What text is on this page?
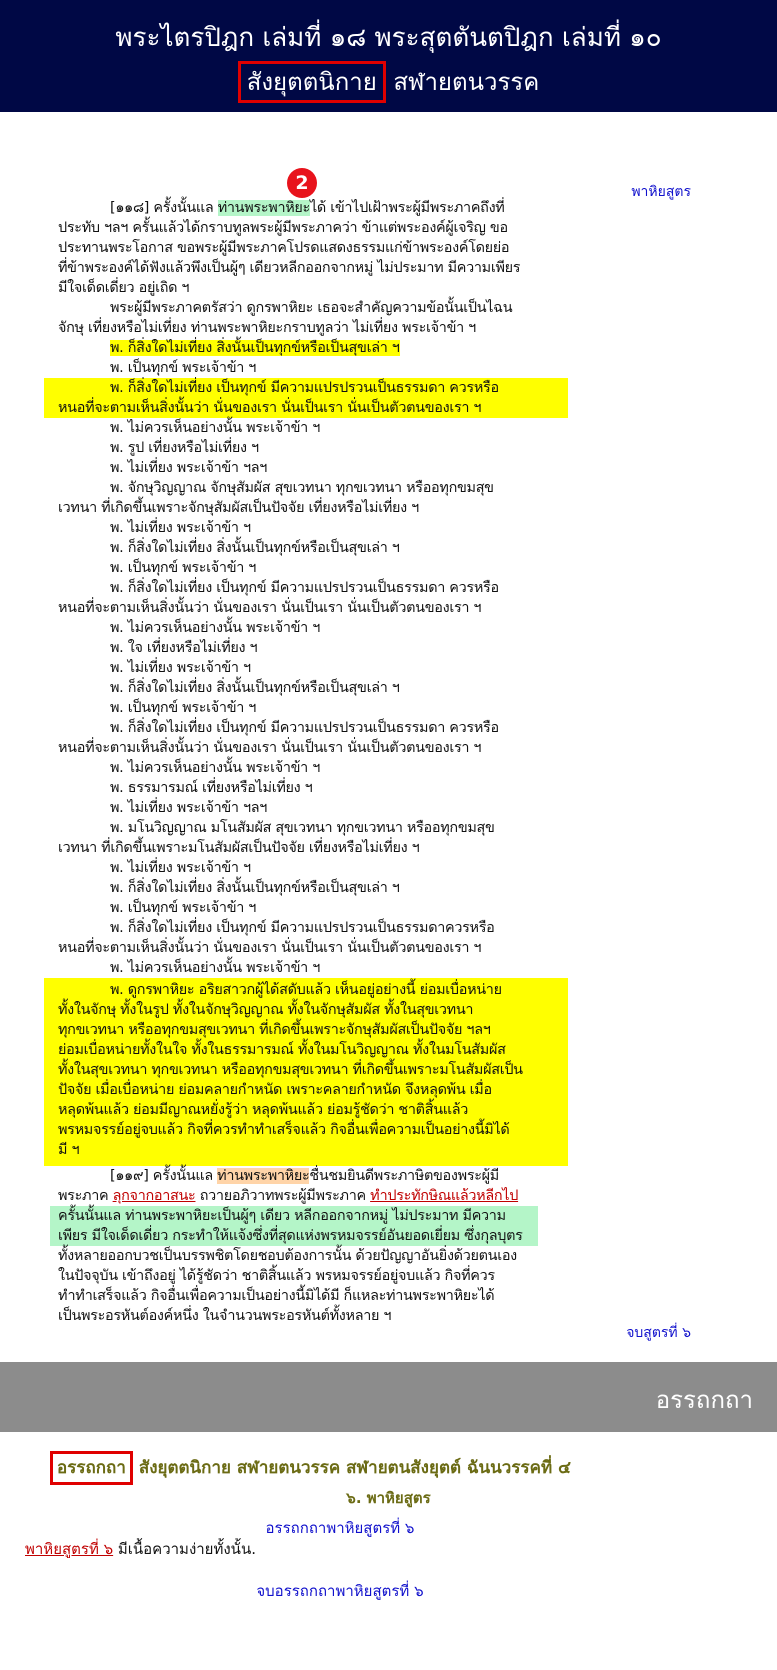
พระไตรปิฎก เล่มที่ ๑๘ พระสุตตันตปิฎก เล่มที่ ๑๐
สังยุตตนิกาย สฬายตนวรรค
2	พาหิยสูตร

[๑๑๘] ครั้งนั้นแล ท่านพระพาหิยะได้ เข้าไปเฝ้าพระผู้มีพระภาคถึงที่

ประทับ ฯลฯ ครั้นแล้วได้กราบทูลพระผู้มีพระภาคว่า ข้าแต่พระองค์ผู้เจริญ ขอ

ประทานพระโอกาส ขอพระผู้มีพระภาคโปรดแสดงธรรมแก่ข้าพระองค์โดยย่อ

ที่ข้าพระองค์ได้ฟังแล้วพึงเป็นผู้ๆ เดียวหลีกออกจากหมู่ ไม่ประมาท มีความเพียร

มีใจเด็ดเดี่ยว อยู่เถิด ฯ

พระผู้มีพระภาคตรัสว่า ดูกรพาหิยะ เธอจะสำคัญความข้อนั้นเป็นไฉน

จักษุ เที่ยงหรือไม่เที่ยง ท่านพระพาหิยะกราบทูลว่า ไม่เที่ยง พระเจ้าข้า ฯ

พ. ก็สิ่งใดไม่เที่ยง สิ่งนั้นเป็นทุกข์หรือเป็นสุขเล่า ฯ

พ. เป็นทุกข์ พระเจ้าข้า ฯ

พ. ก็สิ่งใดไม่เที่ยง เป็นทุกข์ มีความแปรปรวนเป็นธรรมดา ควรหรือ

หนอที่จะตามเห็นสิ่งนั้นว่า นั่นของเรา นั่นเป็นเรา นั่นเป็นตัวตนของเรา ฯ

พ. ไม่ควรเห็นอย่างนั้น พระเจ้าข้า ฯ

พ. รูป เที่ยงหรือไม่เที่ยง ฯ

พ. ไม่เที่ยง พระเจ้าข้า ฯลฯ

พ. จักษุวิญญาณ จักษุสัมผัส สุขเวทนา ทุกขเวทนา หรืออทุกขมสุข

เวทนา ที่เกิดขึ้นเพราะจักษุสัมผัสเป็นปัจจัย เที่ยงหรือไม่เที่ยง ฯ

พ. ไม่เที่ยง พระเจ้าข้า ฯ

พ. ก็สิ่งใดไม่เที่ยง สิ่งนั้นเป็นทุกข์หรือเป็นสุขเล่า ฯ

พ. เป็นทุกข์ พระเจ้าข้า ฯ

พ. ก็สิ่งใดไม่เที่ยง เป็นทุกข์ มีความแปรปรวนเป็นธรรมดา ควรหรือ

หนอที่จะตามเห็นสิ่งนั้นว่า นั่นของเรา นั่นเป็นเรา นั่นเป็นตัวตนของเรา ฯ

พ. ไม่ควรเห็นอย่างนั้น พระเจ้าข้า ฯ

พ. ใจ เที่ยงหรือไม่เที่ยง ฯ

พ. ไม่เที่ยง พระเจ้าข้า ฯ

พ. ก็สิ่งใดไม่เที่ยง สิ่งนั้นเป็นทุกข์หรือเป็นสุขเล่า ฯ

พ. เป็นทุกข์ พระเจ้าข้า ฯ

พ. ก็สิ่งใดไม่เที่ยง เป็นทุกข์ มีความแปรปรวนเป็นธรรมดา ควรหรือ

หนอที่จะตามเห็นสิ่งนั้นว่า นั่นของเรา นั่นเป็นเรา นั่นเป็นตัวตนของเรา ฯ

พ. ไม่ควรเห็นอย่างนั้น พระเจ้าข้า ฯ

พ. ธรรมารมณ์ เที่ยงหรือไม่เที่ยง ฯ

พ. ไม่เที่ยง พระเจ้าข้า ฯลฯ

พ. มโนวิญญาณ มโนสัมผัส สุขเวทนา ทุกขเวทนา หรืออทุกขมสุข

เวทนา ที่เกิดขึ้นเพราะมโนสัมผัสเป็นปัจจัย เที่ยงหรือไม่เที่ยง ฯ

พ. ไม่เที่ยง พระเจ้าข้า ฯ

พ. ก็สิ่งใดไม่เที่ยง สิ่งนั้นเป็นทุกข์หรือเป็นสุขเล่า ฯ

พ. เป็นทุกข์ พระเจ้าข้า ฯ

พ. ก็สิ่งใดไม่เที่ยง เป็นทุกข์ มีความแปรปรวนเป็นธรรมดาควรหรือ

หนอที่จะตามเห็นสิ่งนั้นว่า นั่นของเรา นั่นเป็นเรา นั่นเป็นตัวตนของเรา ฯ

พ. ไม่ควรเห็นอย่างนั้น พระเจ้าข้า ฯ

พ. ดูกรพาหิยะ อริยสาวกผู้ได้สดับแล้ว เห็นอยู่อย่างนี้ ย่อมเบื่อหน่าย

ทั้งในจักษุ ทั้งในรูป ทั้งในจักษุวิญญาณ ทั้งในจักษุสัมผัส ทั้งในสุขเวทนา

ทุกขเวทนา หรืออทุกขมสุขเวทนา ที่เกิดขึ้นเพราะจักษุสัมผัสเป็นปัจจัย ฯลฯ

ย่อมเบื่อหน่ายทั้งในใจ ทั้งในธรรมารมณ์ ทั้งในมโนวิญญาณ ทั้งในมโนสัมผัส

ทั้งในสุขเวทนา ทุกขเวทนา หรืออทุกขมสุขเวทนา ที่เกิดขึ้นเพราะมโนสัมผัสเป็น

ปัจจัย เมื่อเบื่อหน่าย ย่อมคลายกำหนัด เพราะคลายกำหนัด จึงหลุดพ้น เมื่อ

หลุดพ้นแล้ว ย่อมมีญาณหยั่งรู้ว่า หลุดพ้นแล้ว ย่อมรู้ชัดว่า ชาติสิ้นแล้ว

พรหมจรรย์อยู่จบแล้ว กิจที่ควรทำทำเสร็จแล้ว กิจอื่นเพื่อความเป็นอย่างนี้มิได้

มี ฯ

[๑๑๙] ครั้งนั้นแล ท่านพระพาหิยะชื่นชมยินดีพระภาษิตของพระผู้มี

พระภาค ลุกจากอาสนะ ถวายอภิวาทพระผู้มีพระภาค ทำประทักษิณแล้วหลีกไป

ครั้นนั้นแล ท่านพระพาหิยะเป็นผู้ๆ เดียว หลีกออกจากหมู่ ไม่ประมาท มีความ

เพียร มีใจเด็ดเดี่ยว กระทำให้แจ้งซึ่งที่สุดแห่งพรหมจรรย์อันยอดเยี่ยม ซึ่งกุลบุตร

ทั้งหลายออกบวชเป็นบรรพชิตโดยชอบต้องการนั้น ด้วยปัญญาอันยิ่งด้วยตนเอง

ในปัจจุบัน เข้าถึงอยู่ ได้รู้ชัดว่า ชาติสิ้นแล้ว พรหมจรรย์อยู่จบแล้ว กิจที่ควร

ทำทำเสร็จแล้ว กิจอื่นเพื่อความเป็นอย่างนี้มิได้มี ก็แหละท่านพระพาหิยะได้

เป็นพระอรหันต์องค์หนึ่ง ในจำนวนพระอรหันต์ทั้งหลาย ฯ

จบสูตรที่ ๖
อรรถกถา
อรรถกถา สังยุตตนิกาย สฬายตนวรรค สฬายตนสังยุตต์ ฉันนวรรคที่ ๔
๖. พาหิยสูตร
อรรถกถาพาหิยสูตรที่ ๖
พาหิยสูตรที่ ๖ มีเนื้อความง่ายทั้งนั้น.
จบอรรถกถาพาหิยสูตรที่ ๖
